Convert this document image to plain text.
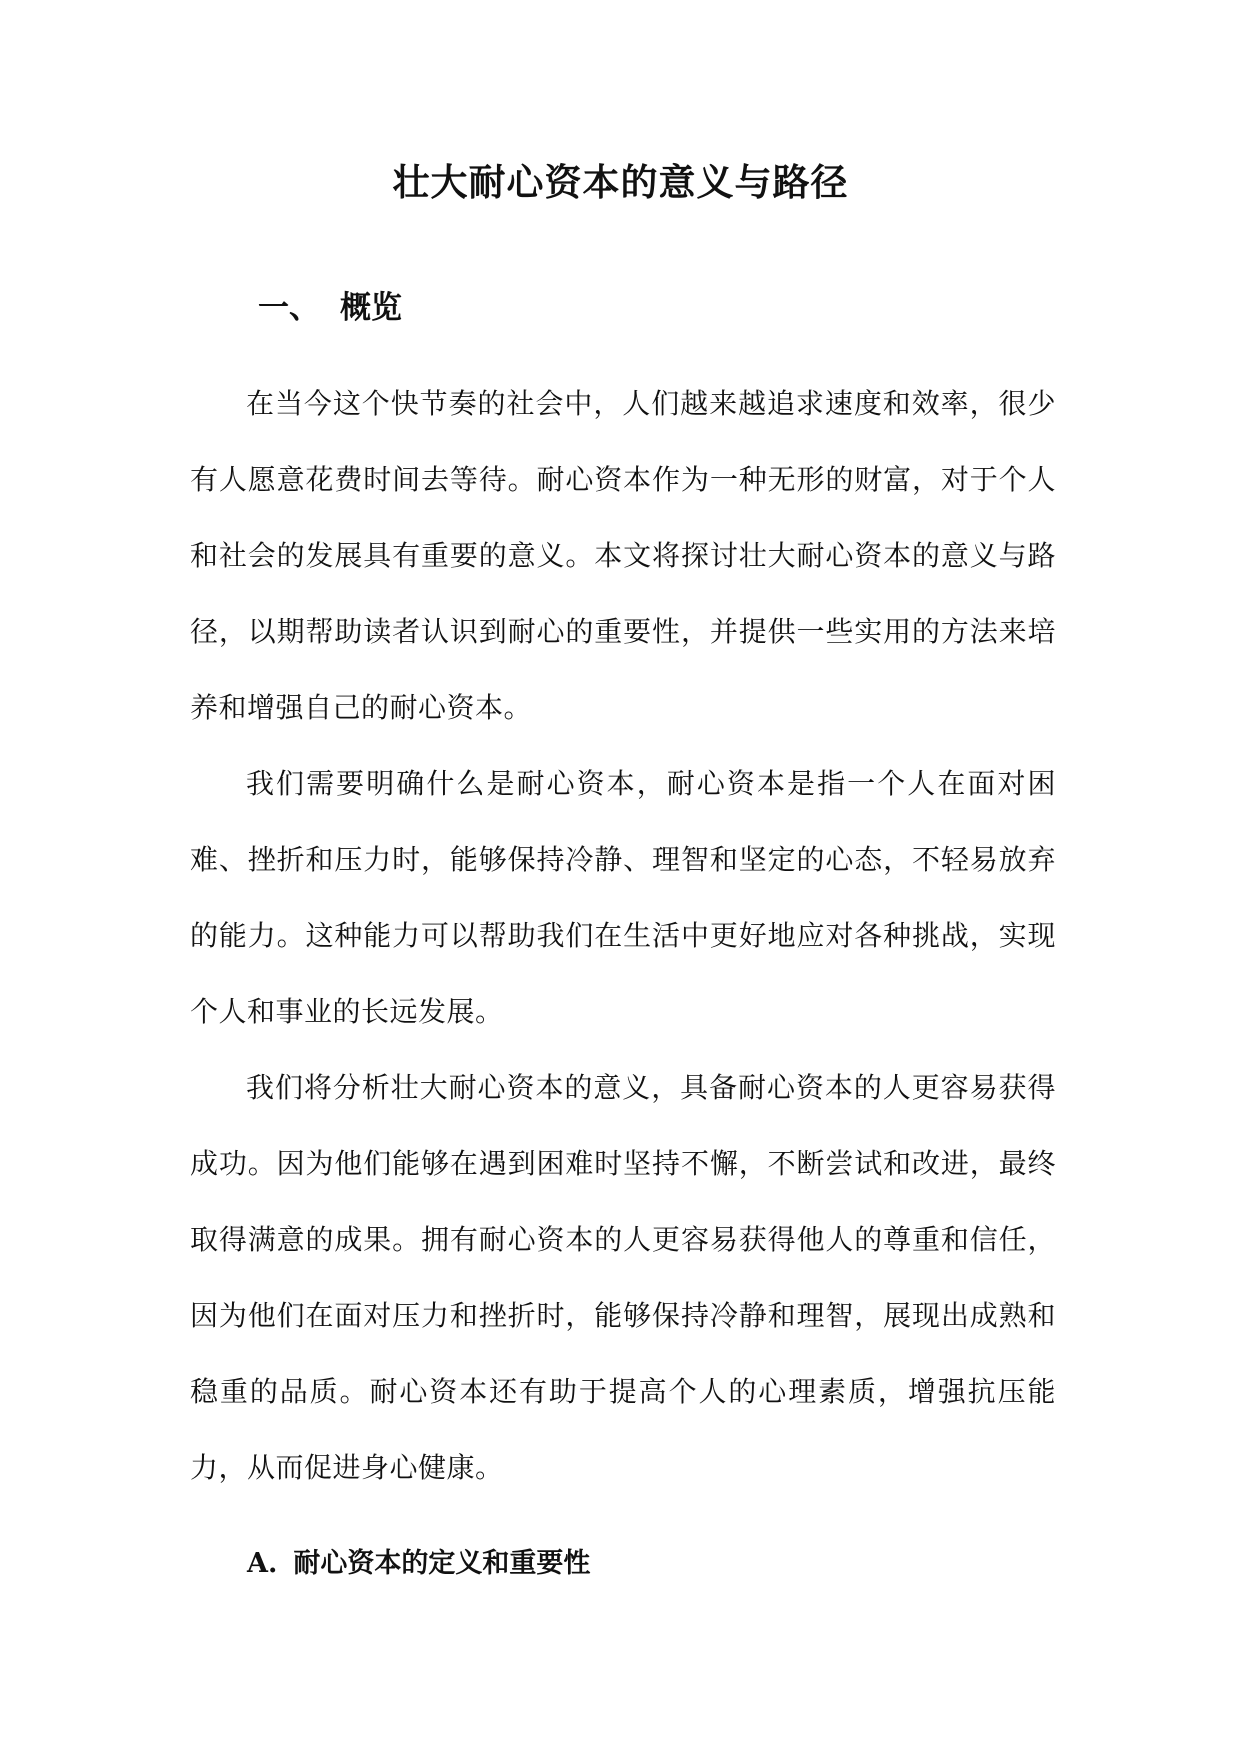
壮大耐心资本的意义与路径
一、 概览

在当今这个快节奏的社会中，人们越来越追求速度和效率，很少有人愿意花费时间去等待。耐心资本作为一种无形的财富，对于个人和社会的发展具有重要的意义。本文将探讨壮大耐心资本的意义与路径，以期帮助读者认识到耐心的重要性，并提供一些实用的方法来培养和增强自己的耐心资本。

我们需要明确什么是耐心资本，耐心资本是指一个人在面对困难、挫折和压力时，能够保持冷静、理智和坚定的心态，不轻易放弃的能力。这种能力可以帮助我们在生活中更好地应对各种挑战，实现个人和事业的长远发展。

我们将分析壮大耐心资本的意义，具备耐心资本的人更容易获得成功。因为他们能够在遇到困难时坚持不懈，不断尝试和改进，最终取得满意的成果。拥有耐心资本的人更容易获得他人的尊重和信任，因为他们在面对压力和挫折时，能够保持冷静和理智，展现出成熟和稳重的品质。耐心资本还有助于提高个人的心理素质，增强抗压能力，从而促进身心健康。

A. 耐心资本的定义和重要性
